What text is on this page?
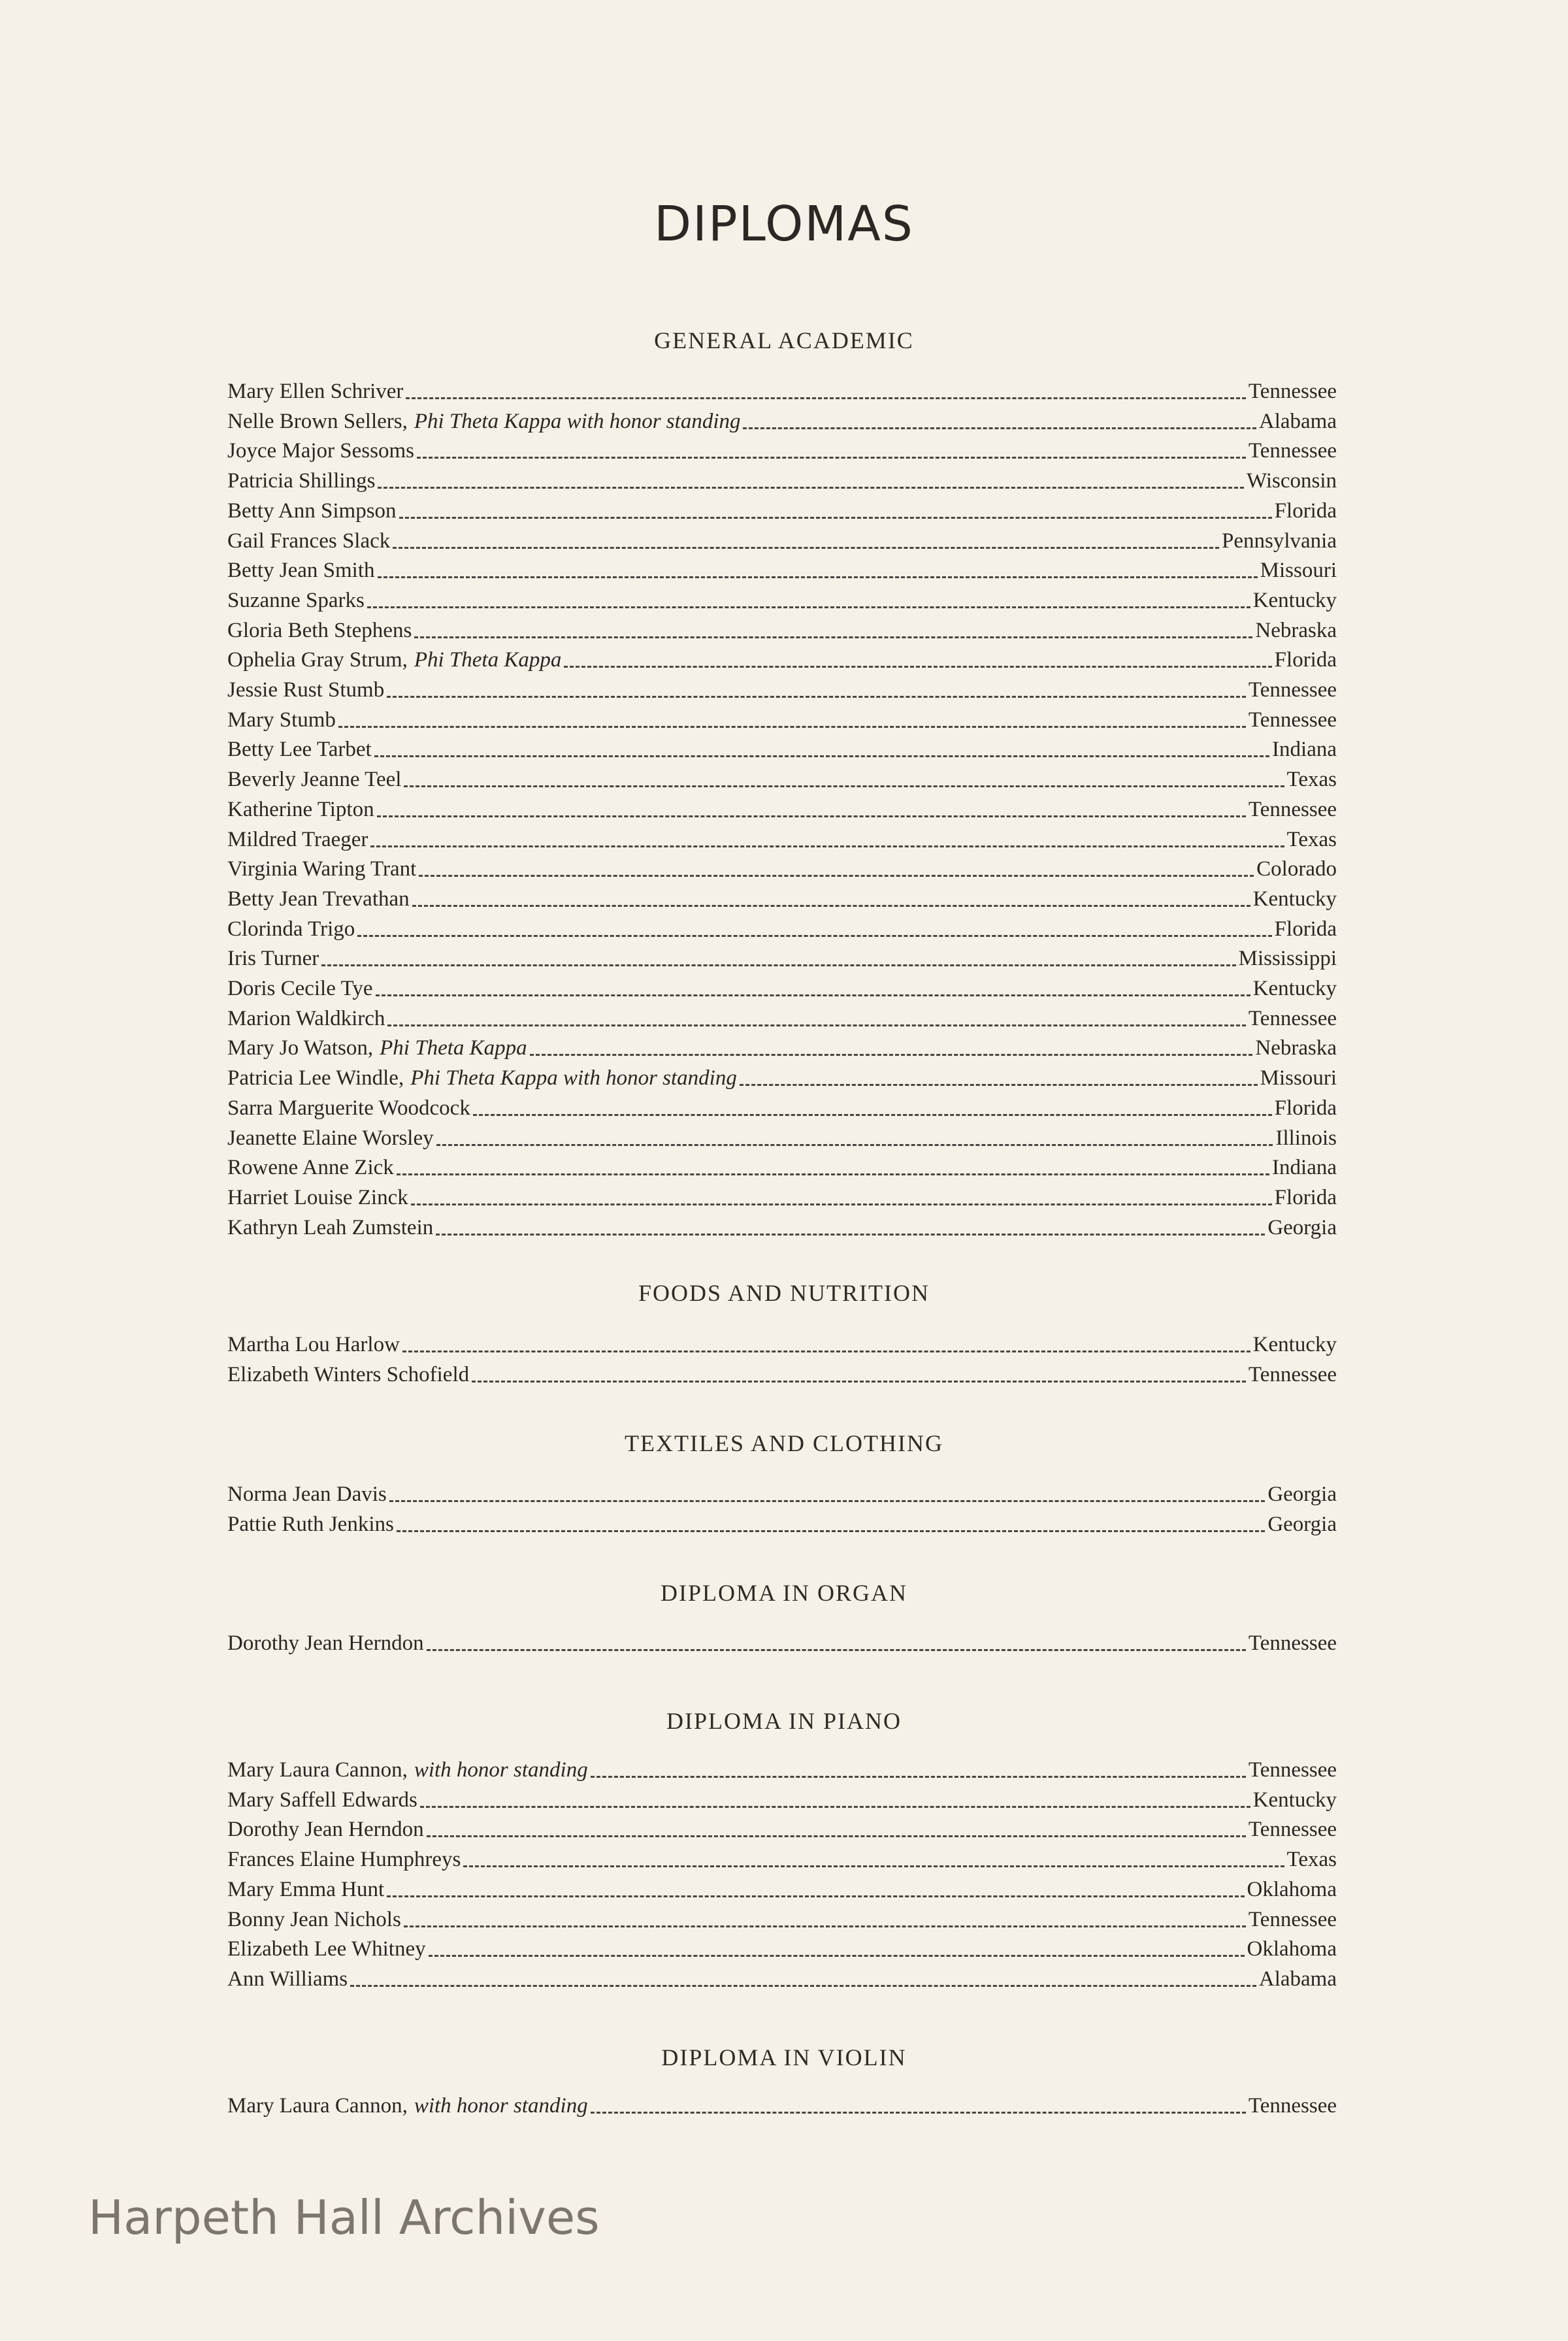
DIPLOMAS
GENERAL ACADEMIC
Mary Ellen Schriver	Tennessee
Nelle Brown Sellers, Phi Theta Kappa with honor standing	Alabama
Joyce Major Sessoms	Tennessee
Patricia Shillings	Wisconsin
Betty Ann Simpson	Florida
Gail Frances Slack	Pennsylvania
Betty Jean Smith	Missouri
Suzanne Sparks	Kentucky
Gloria Beth Stephens	Nebraska
Ophelia Gray Strum, Phi Theta Kappa	Florida
Jessie Rust Stumb	Tennessee
Mary Stumb	Tennessee
Betty Lee Tarbet	Indiana
Beverly Jeanne Teel	Texas
Katherine Tipton	Tennessee
Mildred Traeger	Texas
Virginia Waring Trant	Colorado
Betty Jean Trevathan	Kentucky
Clorinda Trigo	Florida
Iris Turner	Mississippi
Doris Cecile Tye	Kentucky
Marion Waldkirch	Tennessee
Mary Jo Watson, Phi Theta Kappa	Nebraska
Patricia Lee Windle, Phi Theta Kappa with honor standing	Missouri
Sarra Marguerite Woodcock	Florida
Jeanette Elaine Worsley	Illinois
Rowene Anne Zick	Indiana
Harriet Louise Zinck	Florida
Kathryn Leah Zumstein	Georgia
FOODS AND NUTRITION
Martha Lou Harlow	Kentucky
Elizabeth Winters Schofield	Tennessee
TEXTILES AND CLOTHING
Norma Jean Davis	Georgia
Pattie Ruth Jenkins	Georgia
DIPLOMA IN ORGAN
Dorothy Jean Herndon	Tennessee
DIPLOMA IN PIANO
Mary Laura Cannon, with honor standing	Tennessee
Mary Saffell Edwards	Kentucky
Dorothy Jean Herndon	Tennessee
Frances Elaine Humphreys	Texas
Mary Emma Hunt	Oklahoma
Bonny Jean Nichols	Tennessee
Elizabeth Lee Whitney	Oklahoma
Ann Williams	Alabama
DIPLOMA IN VIOLIN
Mary Laura Cannon, with honor standing	Tennessee
Harpeth Hall Archives
